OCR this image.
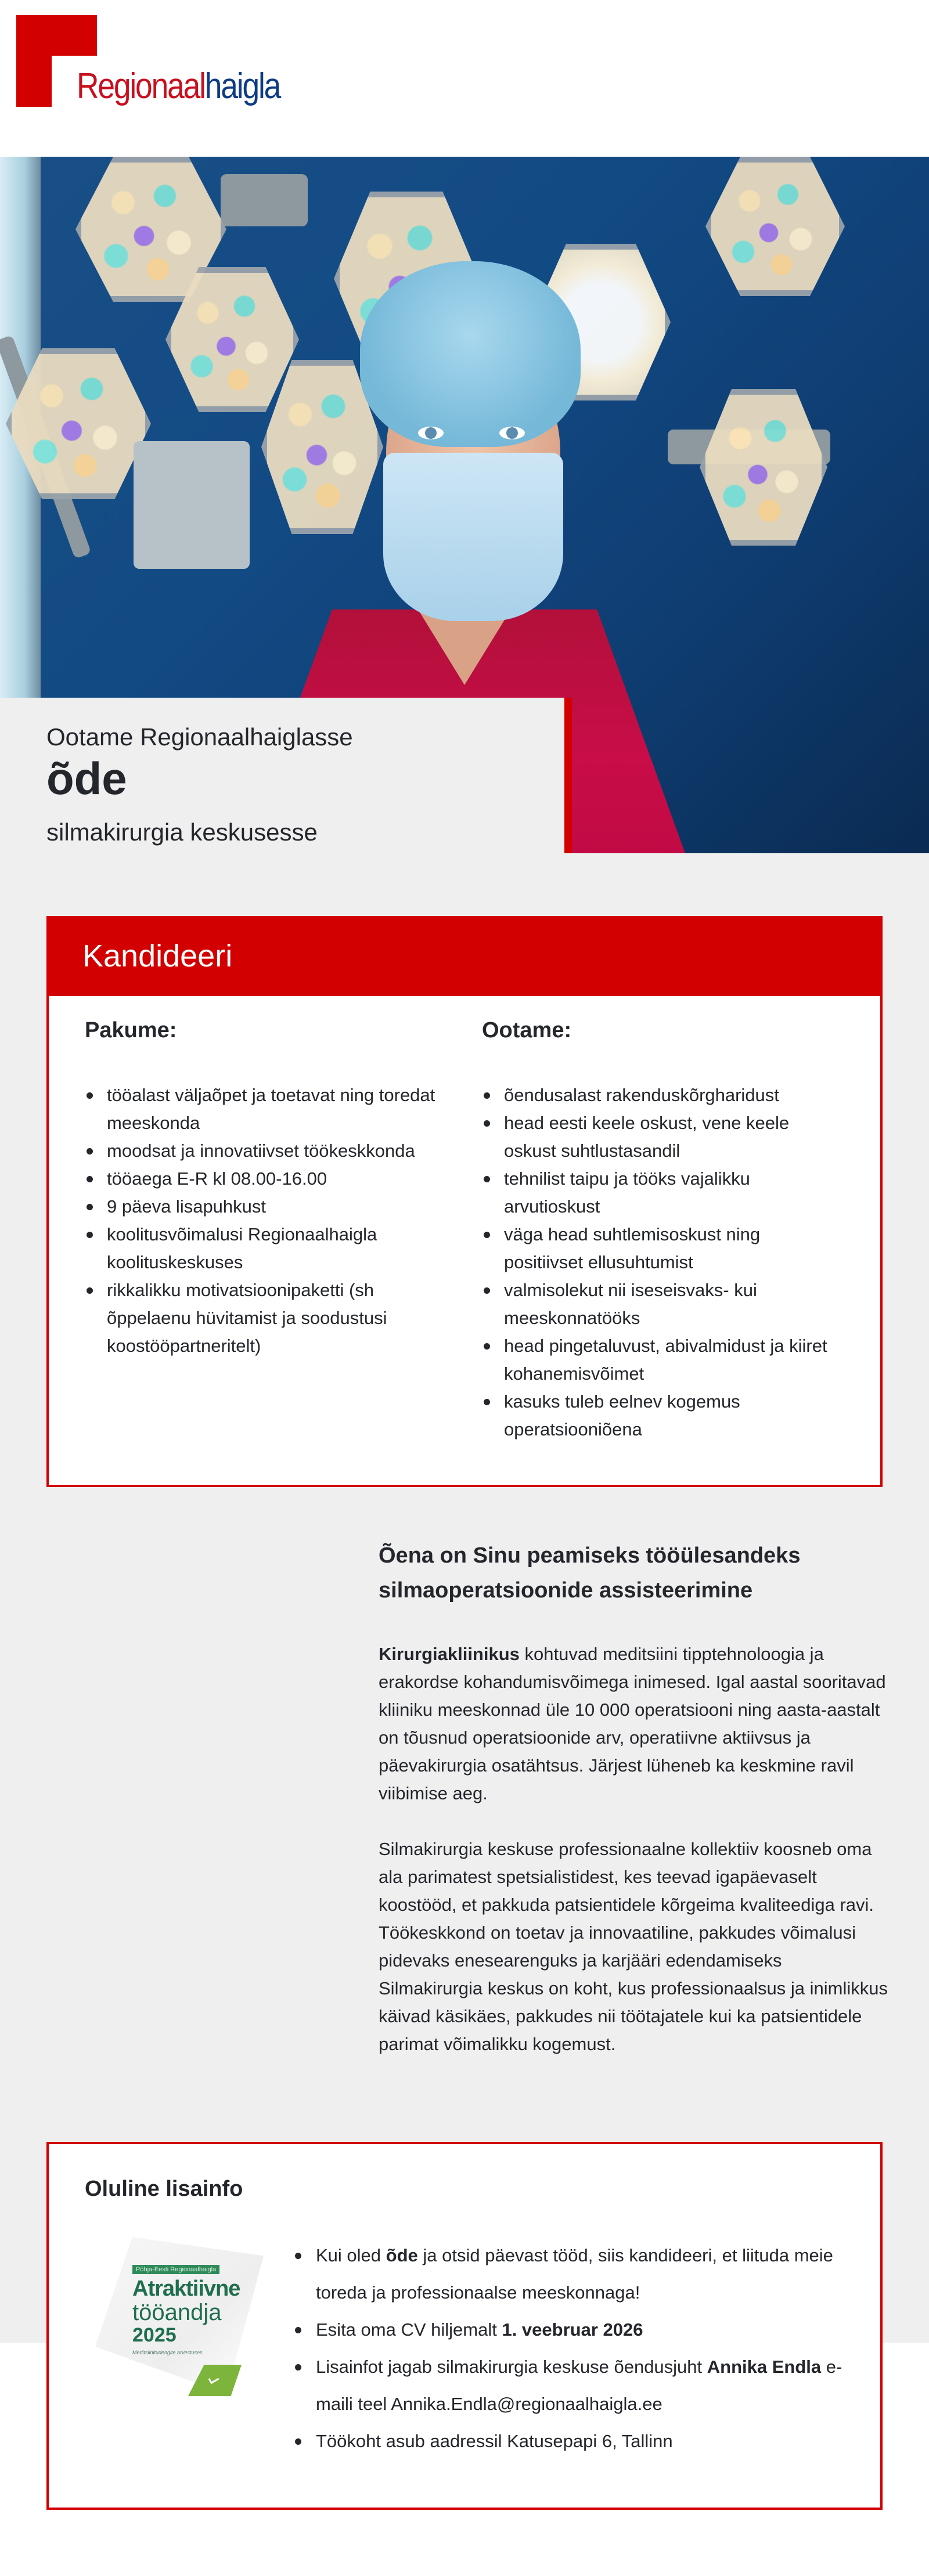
Regionaalhaigla
Ootame Regionaalhaiglasse
õde
silmakirurgia keskusesse
Kandideeri
Pakume:
tööalast väljaõpet ja toetavat ning toredat meeskonda
moodsat ja innovatiivset töökeskkonda
tööaega E-R kl 08.00-16.00
9 päeva lisapuhkust
koolitusvõimalusi Regionaalhaigla koolituskeskuses
rikkalikku motivatsioonipaketti (sh õppelaenu hüvitamist ja soodustusi koostööpartneritelt)
Ootame:
õendusalast rakenduskõrgharidust
head eesti keele oskust, vene keele oskust suhtlustasandil
tehnilist taipu ja tööks vajalikku arvutioskust
väga head suhtlemisoskust ning positiivset ellusuhtumist
valmisolekut nii iseseisvaks- kui meeskonnatööks
head pingetaluvust, abivalmidust ja kiiret kohanemisvõimet
kasuks tuleb eelnev kogemus operatsiooniõena
Õena on Sinu peamiseks tööülesandeks silmaoperatsioonide assisteerimine

Kirurgiakliinikus kohtuvad meditsiini tipptehnoloogia ja erakordse kohandumisvõimega inimesed. Igal aastal sooritavad kliiniku meeskonnad üle 10 000 operatsiooni ning aasta-aastalt on tõusnud operatsioonide arv, operatiivne aktiivsus ja päevakirurgia osatähtsus. Järjest lüheneb ka keskmine ravil viibimise aeg.

Silmakirurgia keskuse professionaalne kollektiiv koosneb oma ala parimatest spetsialistidest, kes teevad igapäevaselt koostööd, et pakkuda patsientidele kõrgeima kvaliteediga ravi. Töökeskkond on toetav ja innovaatiline, pakkudes võimalusi pidevaks enesearenguks ja karjääri edendamiseks Silmakirurgia keskus on koht, kus professionaalsus ja inimlikkus käivad käsikäes, pakkudes nii töötajatele kui ka patsientidele parimat võimalikku kogemust.

Oluline lisainfo
Põhja-Eesti Regionaalhaigla
Atraktiivne
tööandja
2025
Meditsiinitudengite arvestuses
Kui oled õde ja otsid päevast tööd, siis kandideeri, et liituda meie toreda ja professionaalse meeskonnaga!
Esita oma CV hiljemalt 1. veebruar 2026
Lisainfot jagab silmakirurgia keskuse õendusjuht Annika Endla e-maili teel Annika.Endla@regionaalhaigla.ee
Töökoht asub aadressil Katusepapi 6, Tallinn
